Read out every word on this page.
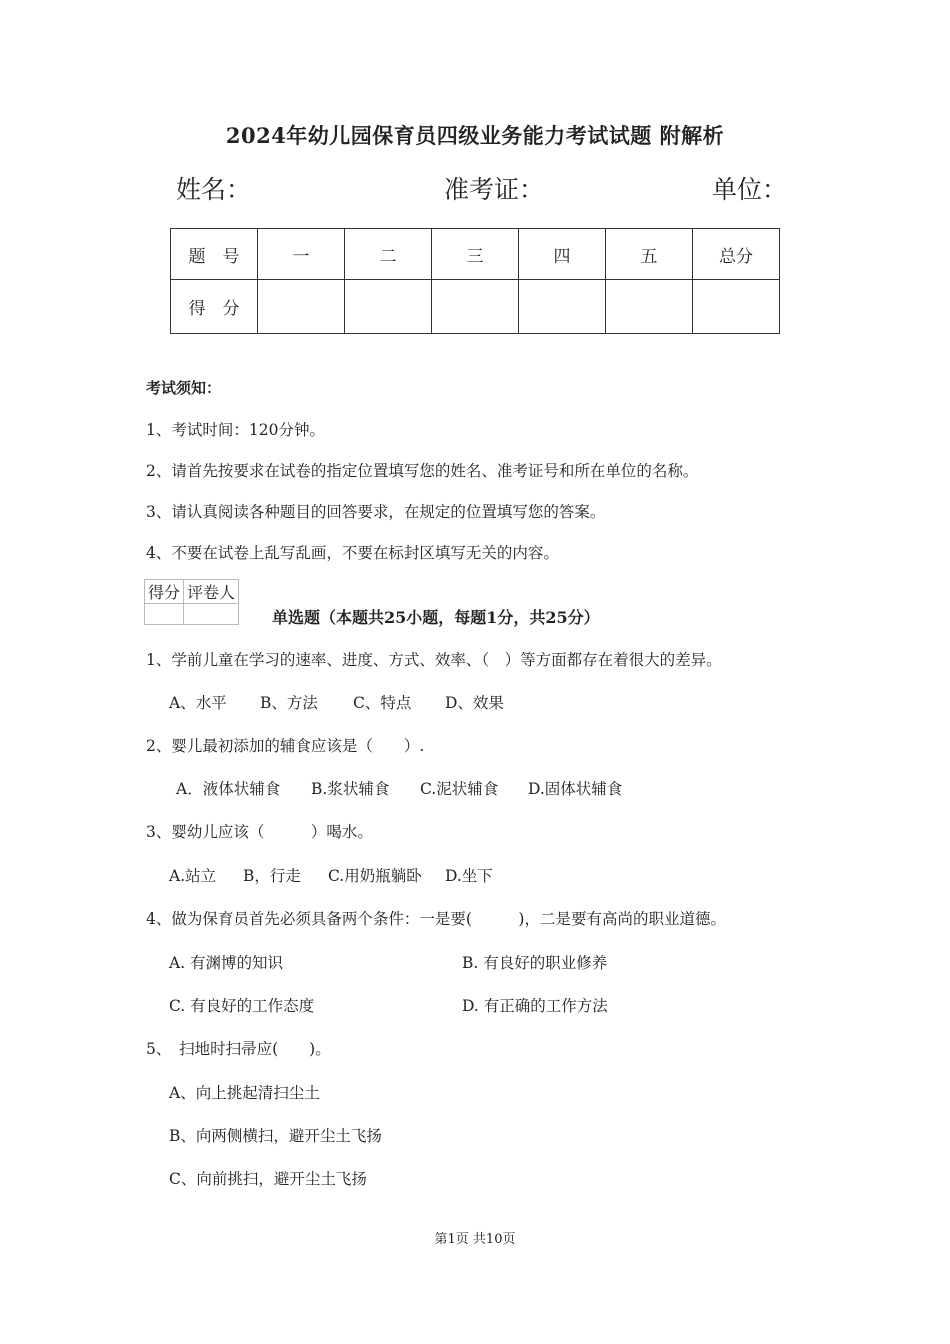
2024年幼儿园保育员四级业务能力考试试题 附解析
姓名：	准考证：	单位：
题　号	一	二	三	四	五	总分
得　分						
考试须知：
1、考试时间：120分钟。
2、请首先按要求在试卷的指定位置填写您的姓名、准考证号和所在单位的名称。
3、请认真阅读各种题目的回答要求，在规定的位置填写您的答案。
4、不要在试卷上乱写乱画，不要在标封区填写无关的内容。
得分	评卷人

单选题（本题共25小题，每题1分，共25分）
1、学前儿童在学习的速率、进度、方式、效率、（　）等方面都存在着很大的差异。
A、水平 B、方法 C、特点 D、效果
2、婴儿最初添加的辅食应该是（　　）.
A．液体状辅食 B.浆状辅食 C.泥状辅食 D.固体状辅食
3、婴幼儿应该（　　　）喝水。
A.站立 B，行走 C.用奶瓶躺卧 D.坐下
4、做为保育员首先必须具备两个条件：一是要(　　　)，二是要有高尚的职业道德。
A. 有渊博的知识	B. 有良好的职业修养
C. 有良好的工作态度	D. 有正确的工作方法
5、　扫地时扫帚应(　　)。
A、向上挑起清扫尘土
B、向两侧横扫，避开尘土飞扬
C、向前挑扫，避开尘土飞扬
第1页 共10页
